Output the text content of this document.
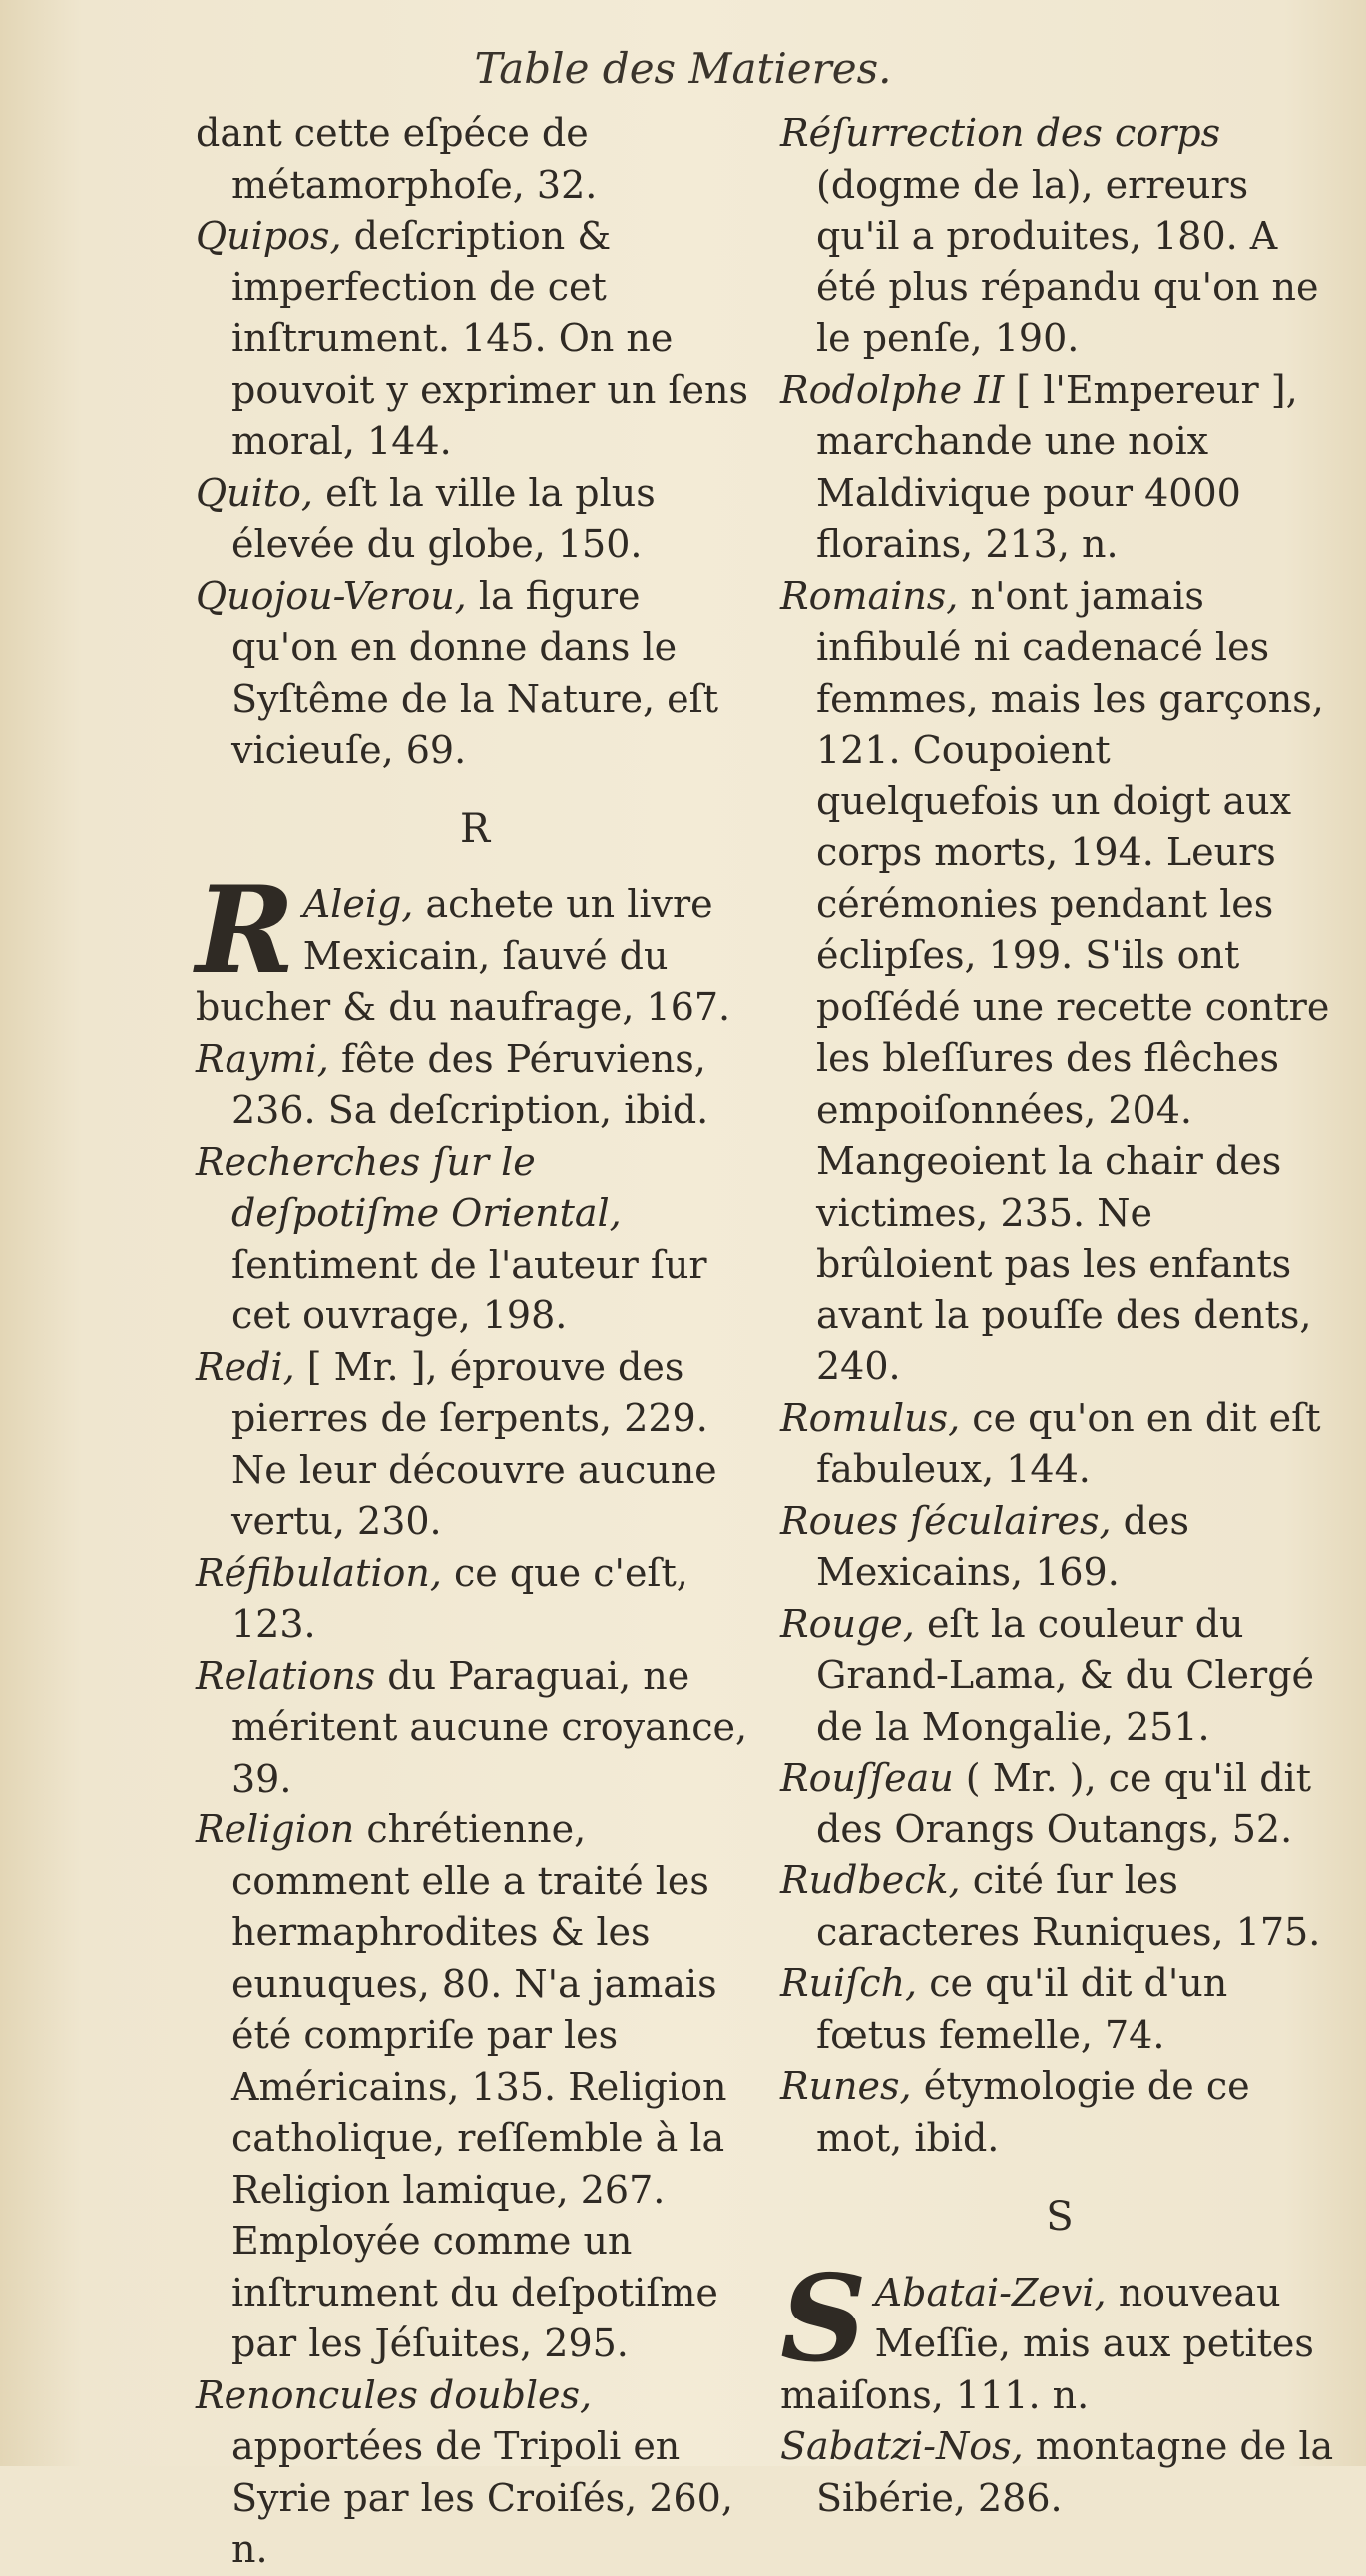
Table des Matieres.
dant cette eſpéce de métamorphoſe, 32.
Quipos, deſcription & imperfection de cet inſtrument. 145. On ne pouvoit y exprimer un ſens moral, 144.
Quito, eſt la ville la plus élevée du globe, 150.
Quojou-Verou, la figure qu'on en donne dans le Syſtême de la Nature, eſt vicieuſe, 69.
R
R Aleig, achete un livre Mexicain, ſauvé du bucher & du naufrage, 167.
Raymi, fête des Péruviens, 236. Sa deſcription, ibid.
Recherches ſur le deſpotiſme Oriental, ſentiment de l'auteur ſur cet ouvrage, 198.
Redi, [ Mr. ], éprouve des pierres de ſerpents, 229. Ne leur découvre aucune vertu, 230.
Réfibulation, ce que c'eſt, 123.
Relations du Paraguai, ne méritent aucune croyance, 39.
Religion chrétienne, comment elle a traité les hermaphrodites & les eunuques, 80. N'a jamais été compriſe par les Américains, 135. Religion catholique, reſſemble à la Religion lamique, 267. Employée comme un inſtrument du deſpotiſme par les Jéſuites, 295.
Renoncules doubles, apportées de Tripoli en Syrie par les Croiſés, 260, n.
Réſurrection des corps (dogme de la), erreurs qu'il a produites, 180. A été plus répandu qu'on ne le penſe, 190.
Rodolphe II [ l'Empereur ], marchande une noix Maldivique pour 4000 florains, 213, n.
Romains, n'ont jamais infibulé ni cadenacé les femmes, mais les garçons, 121. Coupoient quelquefois un doigt aux corps morts, 194. Leurs cérémonies pendant les éclipſes, 199. S'ils ont poſſédé une recette contre les bleſſures des flêches empoiſonnées, 204. Mangeoient la chair des victimes, 235. Ne brûloient pas les enfants avant la pouſſe des dents, 240.
Romulus, ce qu'on en dit eſt fabuleux, 144.
Roues ſéculaires, des Mexicains, 169.
Rouge, eſt la couleur du Grand-Lama, & du Clergé de la Mongalie, 251.
Rouſſeau ( Mr. ), ce qu'il dit des Orangs Outangs, 52.
Rudbeck, cité ſur les caracteres Runiques, 175.
Ruiſch, ce qu'il dit d'un fœtus femelle, 74.
Runes, étymologie de ce mot, ibid.
S
S Abatai-Zevi, nouveau Meſſie, mis aux petites maiſons, 111. n.
Sabatzi-Nos, montagne de la Sibérie, 286.
